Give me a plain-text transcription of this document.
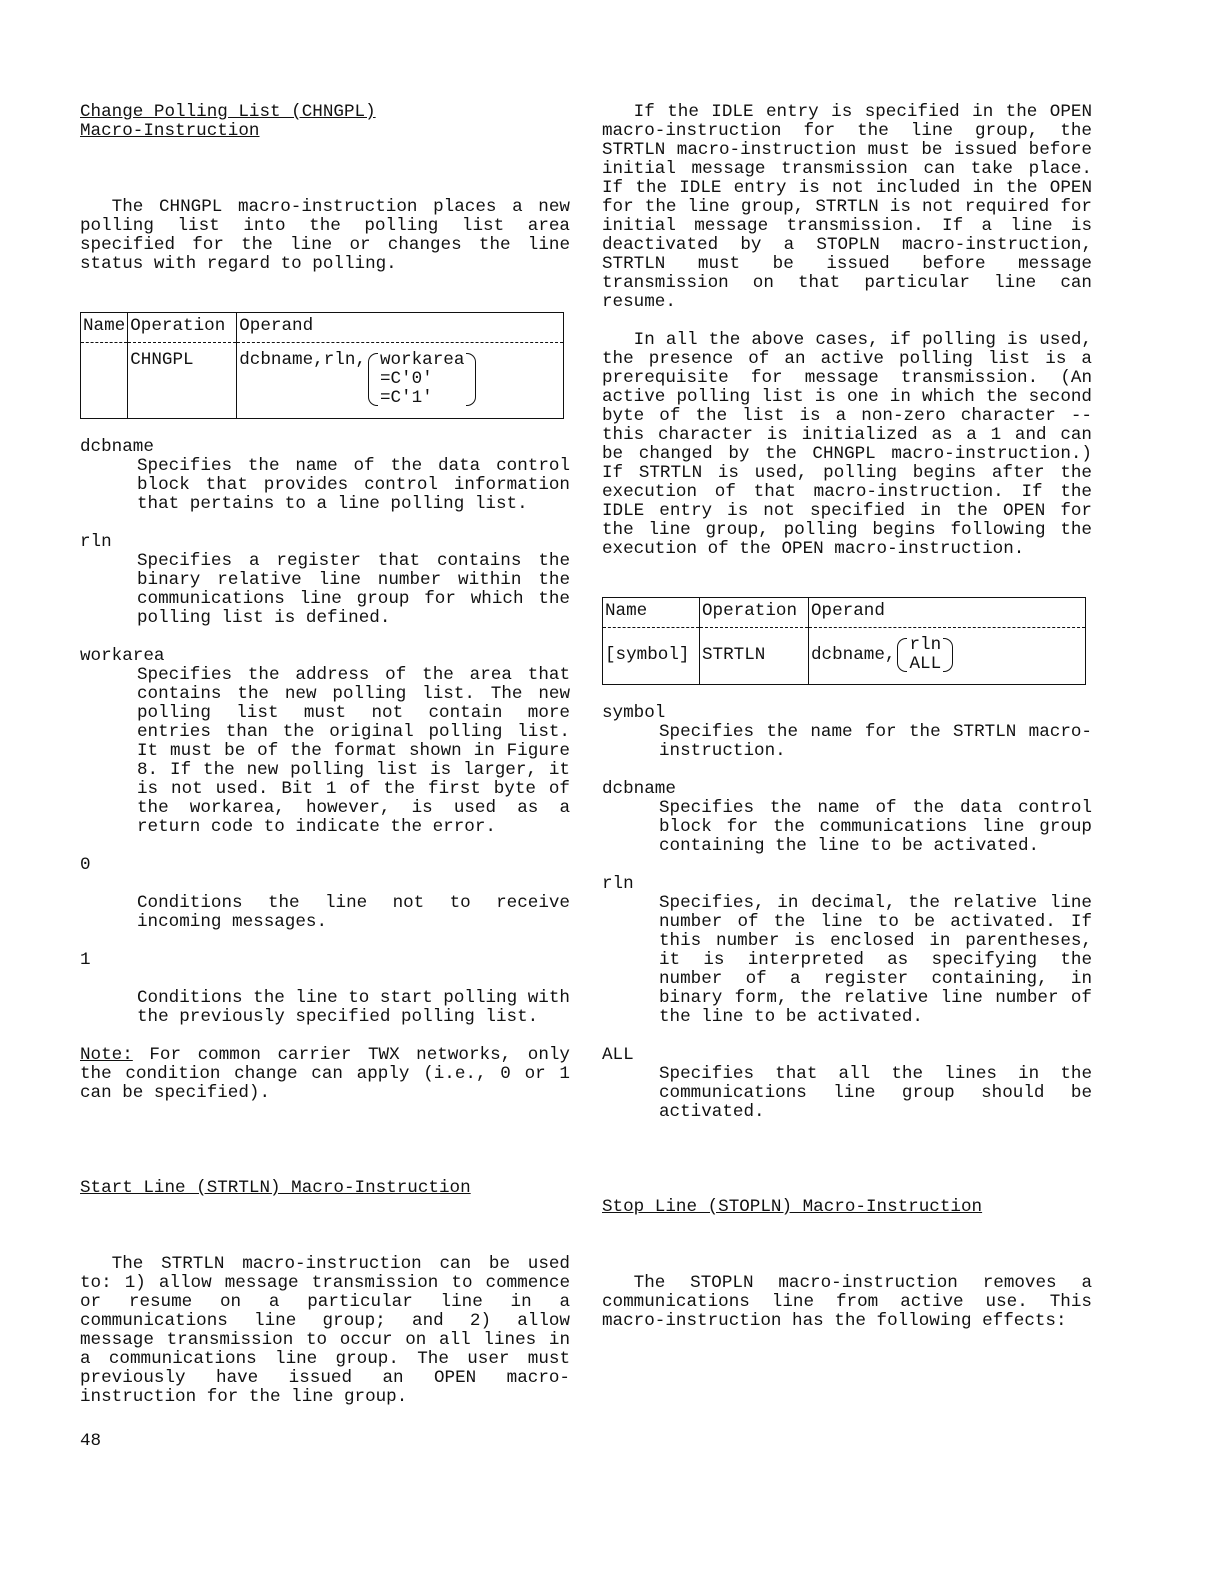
Change Polling List (CHNGPL)

Macro-Instruction

The CHNGPL macro-instruction places a new polling list into the polling list area specified for the line or changes the line status with regard to polling.

Name	Operation	Operand
	CHNGPL	dcbname,rln, workarea
=C'0'
=C'1'

dcbname

Specifies the name of the data control block that provides control information that pertains to a line polling list.

rln

Specifies a register that contains the binary relative line number within the communications line group for which the polling list is defined.

workarea

Specifies the address of the area that contains the new polling list. The new polling list must not contain more entries than the original polling list. It must be of the format shown in Figure 8. If the new polling list is larger, it is not used. Bit 1 of the first byte of the workarea, however, is used as a return code to indicate the error.

0

Conditions the line not to receive incoming messages.

1

Conditions the line to start polling with the previously specified polling list.

Note: For common carrier TWX networks, only the condition change can apply (i.e., 0 or 1 can be specified).

Start Line (STRTLN) Macro-Instruction

The STRTLN macro-instruction can be used to: 1) allow message transmission to commence or resume on a particular line in a communications line group; and 2) allow message transmission to occur on all lines in a communications line group. The user must previously have issued an OPEN macro-instruction for the line group.

If the IDLE entry is specified in the OPEN macro-instruction for the line group, the STRTLN macro-instruction must be issued before initial message transmission can take place. If the IDLE entry is not included in the OPEN for the line group, STRTLN is not required for initial message transmission. If a line is deactivated by a STOPLN macro-instruction, STRTLN must be issued before message transmission on that particular line can resume.

In all the above cases, if polling is used, the presence of an active polling list is a prerequisite for message transmission. (An active polling list is one in which the second byte of the list is a non-zero character -- this character is initialized as a 1 and can be changed by the CHNGPL macro-instruction.) If STRTLN is used, polling begins after the execution of that macro-instruction. If the IDLE entry is not specified in the OPEN for the line group, polling begins following the execution of the OPEN macro-instruction.

Name	Operation	Operand
[symbol]	STRTLN	dcbname, rln
ALL

symbol

Specifies the name for the STRTLN macro-instruction.

dcbname

Specifies the name of the data control block for the communications line group containing the line to be activated.

rln

Specifies, in decimal, the relative line number of the line to be activated. If this number is enclosed in parentheses, it is interpreted as specifying the number of a register containing, in binary form, the relative line number of the line to be activated.

ALL

Specifies that all the lines in the communications line group should be activated.

Stop Line (STOPLN) Macro-Instruction

The STOPLN macro-instruction removes a communications line from active use. This macro-instruction has the following effects:

48
